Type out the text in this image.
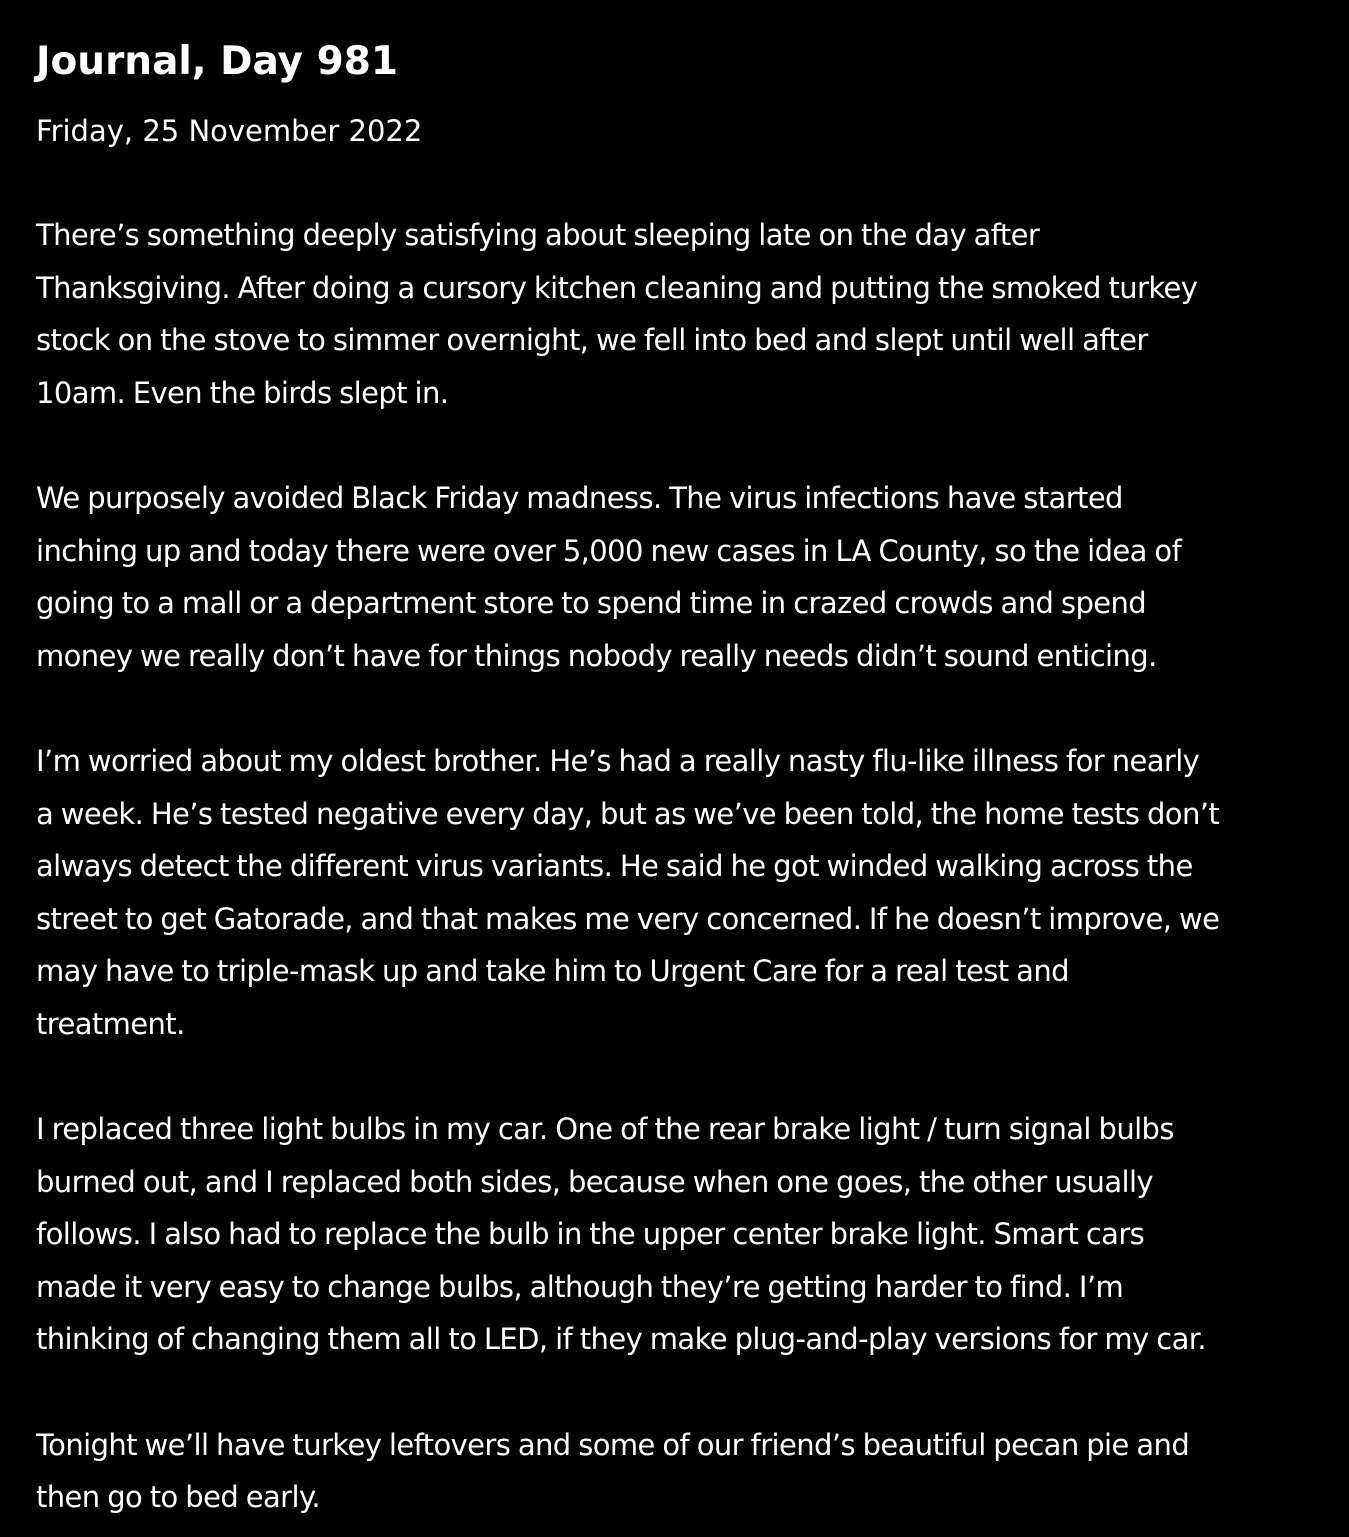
Journal, Day 981
Friday, 25 November 2022

There’s something deeply satisfying about sleeping late on the day after
Thanksgiving. After doing a cursory kitchen cleaning and putting the smoked turkey
stock on the stove to simmer overnight, we fell into bed and slept until well after
10am. Even the birds slept in.

We purposely avoided Black Friday madness. The virus infections have started
inching up and today there were over 5,000 new cases in LA County, so the idea of
going to a mall or a department store to spend time in crazed crowds and spend
money we really don’t have for things nobody really needs didn’t sound enticing.

I’m worried about my oldest brother. He’s had a really nasty flu-like illness for nearly
a week. He’s tested negative every day, but as we’ve been told, the home tests don’t
always detect the different virus variants. He said he got winded walking across the
street to get Gatorade, and that makes me very concerned. If he doesn’t improve, we
may have to triple-mask up and take him to Urgent Care for a real test and
treatment.

I replaced three light bulbs in my car. One of the rear brake light / turn signal bulbs
burned out, and I replaced both sides, because when one goes, the other usually
follows. I also had to replace the bulb in the upper center brake light. Smart cars
made it very easy to change bulbs, although they’re getting harder to find. I’m
thinking of changing them all to LED, if they make plug-and-play versions for my car.

Tonight we’ll have turkey leftovers and some of our friend’s beautiful pecan pie and
then go to bed early.
